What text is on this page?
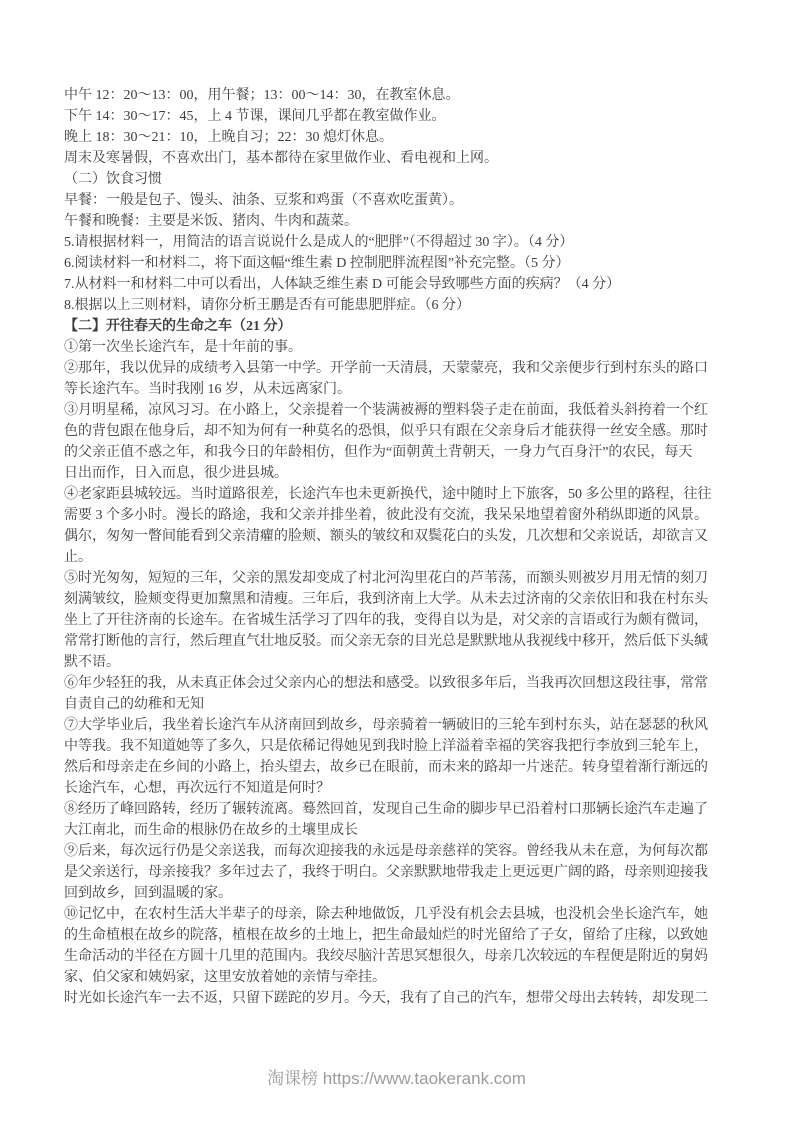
中午 12：20～13：00，用午餐；13：00～14：30，在教室休息。
下午 14：30～17：45，上 4 节课，课间几乎都在教室做作业。
晚上 18：30～21：10，上晚自习；22：30 熄灯休息。
周末及寒暑假，不喜欢出门，基本都待在家里做作业、看电视和上网。
（二）饮食习惯
早餐：一般是包子、馒头、油条、豆浆和鸡蛋（不喜欢吃蛋黄）。
午餐和晚餐：主要是米饭、猪肉、牛肉和蔬菜。
5.请根据材料一，用简洁的语言说说什么是成人的“肥胖”（不得超过 30 字）。（4 分）
6.阅读材料一和材料二，将下面这幅“维生素 D 控制肥胖流程图”补充完整。（5 分）
7.从材料一和材料二中可以看出，人体缺乏维生素 D 可能会导致哪些方面的疾病？（4 分）
8.根据以上三则材料，请你分析王鹏是否有可能患肥胖症。（6 分）
【二】开往春天的生命之车（21 分）
①第一次坐长途汽车，是十年前的事。
②那年，我以优异的成绩考入县第一中学。开学前一天清晨，天蒙蒙亮，我和父亲便步行到村东头的路口
等长途汽车。当时我刚 16 岁，从未远离家门。
③月明星稀，凉风习习。在小路上，父亲提着一个装满被褥的塑料袋子走在前面，我低着头斜挎着一个红
色的背包跟在他身后，却不知为何有一种莫名的恐惧，似乎只有跟在父亲身后才能获得一丝安全感。那时
的父亲正值不惑之年，和我今日的年龄相仿，但作为“面朝黄土背朝天，一身力气百身汗”的农民，每天
日出而作，日入而息，很少进县城。
④老家距县城较远。当时道路很差，长途汽车也未更新换代，途中随时上下旅客，50 多公里的路程，往往
需要 3 个多小时。漫长的路途，我和父亲并排坐着，彼此没有交流，我呆呆地望着窗外稍纵即逝的风景。
偶尔，匆匆一瞥间能看到父亲清癯的脸颊、额头的皱纹和双鬓花白的头发，几次想和父亲说话，却欲言又
止。
⑤时光匆匆，短短的三年，父亲的黑发却变成了村北河沟里花白的芦苇荡，而额头则被岁月用无情的刻刀
刻满皱纹，脸颊变得更加黧黑和清瘦。三年后，我到济南上大学。从未去过济南的父亲依旧和我在村东头
坐上了开往济南的长途车。在省城生活学习了四年的我，变得自以为是，对父亲的言语或行为颇有微词，
常常打断他的言行，然后理直气壮地反驳。而父亲无奈的目光总是默默地从我视线中移开，然后低下头缄
默不语。
⑥年少轻狂的我，从未真正体会过父亲内心的想法和感受。以致很多年后，当我再次回想这段往事，常常
自责自己的幼稚和无知
⑦大学毕业后，我坐着长途汽车从济南回到故乡，母亲骑着一辆破旧的三轮车到村东头，站在瑟瑟的秋风
中等我。我不知道她等了多久，只是依稀记得她见到我时脸上洋溢着幸福的笑容我把行李放到三轮车上，
然后和母亲走在乡间的小路上，抬头望去，故乡已在眼前，而未来的路却一片迷茫。转身望着渐行渐远的
长途汽车，心想，再次远行不知道是何时？
⑧经历了峰回路转，经历了辗转流离。蓦然回首，发现自己生命的脚步早已沿着村口那辆长途汽车走遍了
大江南北，而生命的根脉仍在故乡的土壤里成长
⑨后来，每次远行仍是父亲送我，而每次迎接我的永远是母亲慈祥的笑容。曾经我从未在意，为何每次都
是父亲送行，母亲接我？多年过去了，我终于明白。父亲默默地带我走上更远更广阔的路，母亲则迎接我
回到故乡，回到温暖的家。
⑩记忆中，在农村生活大半辈子的母亲，除去种地做饭，几乎没有机会去县城，也没机会坐长途汽车，她
的生命植根在故乡的院落，植根在故乡的土地上，把生命最灿烂的时光留给了子女，留给了庄稼，以致她
生命活动的半径在方圆十几里的范围内。我绞尽脑汁苦思冥想很久，母亲几次较远的车程便是附近的舅妈
家、伯父家和姨妈家，这里安放着她的亲情与牵挂。
时光如长途汽车一去不返，只留下蹉跎的岁月。今天，我有了自己的汽车，想带父母出去转转，却发现二
淘课榜 https://www.taokerank.com
